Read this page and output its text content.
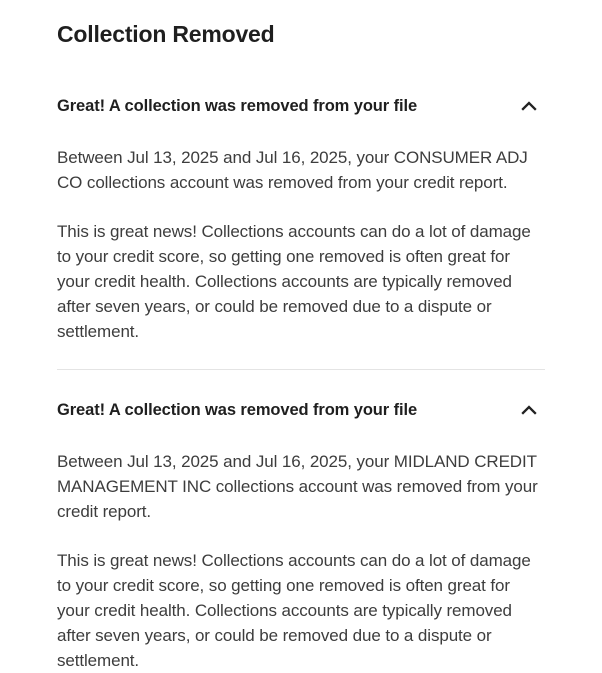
Collection Removed
Great! A collection was removed from your file

Between Jul 13, 2025 and Jul 16, 2025, your CONSUMER ADJ CO collections account was removed from your credit report.

This is great news! Collections accounts can do a lot of damage to your credit score, so getting one removed is often great for your credit health. Collections accounts are typically removed after seven years, or could be removed due to a dispute or settlement.

Great! A collection was removed from your file

Between Jul 13, 2025 and Jul 16, 2025, your MIDLAND CREDIT MANAGEMENT INC collections account was removed from your credit report.

This is great news! Collections accounts can do a lot of damage to your credit score, so getting one removed is often great for your credit health. Collections accounts are typically removed after seven years, or could be removed due to a dispute or settlement.
